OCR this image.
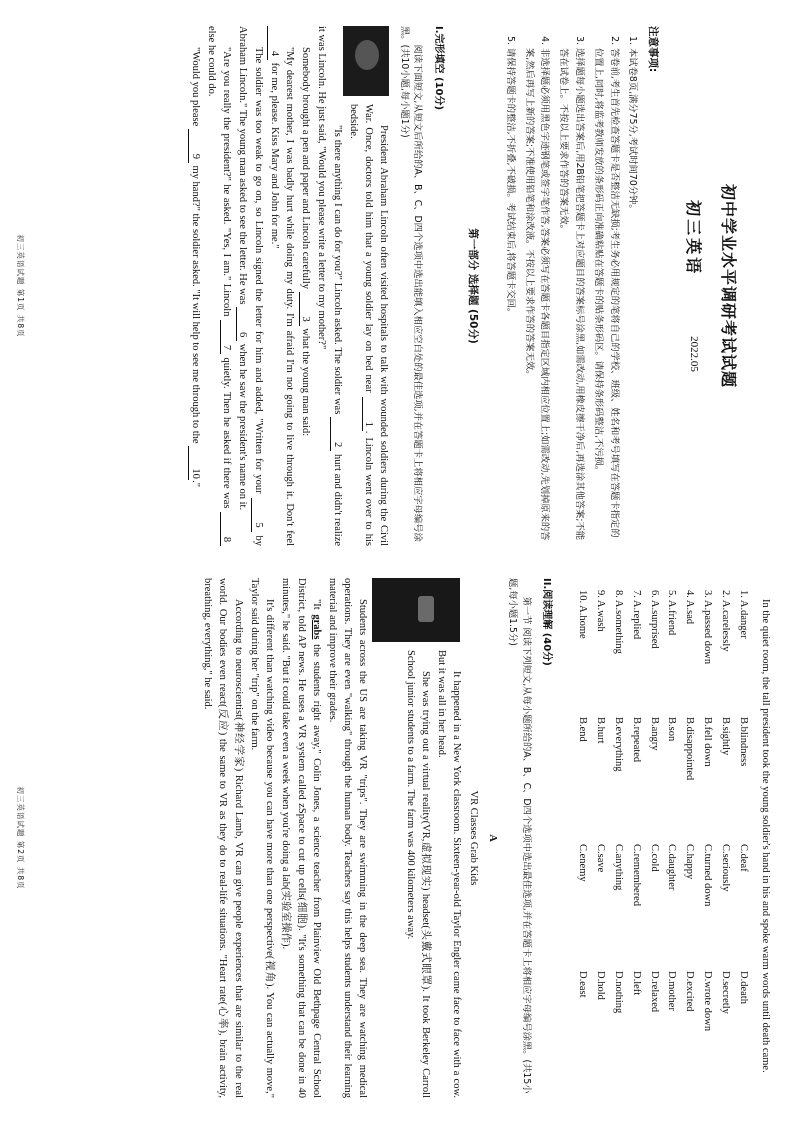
初中学业水平调研考试试题
初三英语
2022.05
注意事项:
1. 本试卷8页,满分75分,考试时间70分钟。
2. 答卷前,考生首先检查答题卡是否整洁无缺损;考生务必用规定的笔将自己的学校、班级、姓名和考号填写在答题卡指定的位置上,同时,将监考教师发放的条形码正向准确粘贴在答题卡的贴条形码区。请保持条形码整洁,不污损。
3. 选择题每小题选出答案后,用2B铅笔把答题卡上对应题目的答案标号涂黑,如需改动,用橡皮擦干净后,再选涂其他答案;不能答在试卷上。不按以上要求作答的答案无效。
4. 非选择题必须用黑色字迹钢笔或签字笔作答,答案必须写在答题卡各题目指定区域内相应位置上;如需改动,先划掉原来的答案,然后再写上新的答案;不准使用铅笔和涂改液。不按以上要求作答的答案无效。
5. 请保持答题卡的整洁,不折叠,不破损。考试结束后,将答题卡交回。
第一部分 选择题 (50分)
I.完形填空 (10分)
阅读下面短文,从短文后所给的A、B、C、D四个选项中选出能填入相应空白处的最佳选项,并在答题卡上将相应字母编号涂黑。(共10小题,每小题1分)

President Abraham Lincoln often visited hospitals to talk with wounded soldiers during the Civil War. Once, doctors told him that a young soldier lay on bed near 1. Lincoln went over to his bedside.

"Is there anything I can do for you?" Lincoln asked. The soldier was 2 hurt and didn't realize it was Lincoln. He just said, "Would you please write a letter to my mother?"

Somebody brought a pen and paper and Lincoln carefully 3 what the young man said:

"My dearest mother, I was badly hurt while doing my duty. I'm afraid I'm not going to live through it. Don't feel 4 for me, please. Kiss Mary and John for me."

The soldier was too weak to go on, so Lincoln signed the letter for him and added, "Written for your 5 by Abraham Lincoln." The young man asked to see the letter. He was 6 when he saw the president's name on it.

"Are you really the president?" he asked. "Yes, I am." Lincoln 7 quietly. Then he asked if there was 8 else he could do.

"Would you please 9 my hand?" the soldier asked. "It will help to see me through to the 10."

初三英语试题 第1页 共8页

In the quiet room, the tall president took the young soldier's hand in his and spoke warm words until death came.

1. A.danger
B.blindness
C.deaf
D.death
2. A.carelessly
B.sightly
C.seriously
D.secretly
3. A.passed down
B.fell down
C.turned down
D.wrote down
4. A.sad
B.disappointed
C.happy
D.excited
5. A.friend
B.son
C.daughter
D.mother
6. A.surprised
B.angry
C.cold
D.relaxed
7. A.replied
B.repeated
C.remembered
D.left
8. A.something
B.everything
C.anything
D.nothing
9. A.wash
B.hurt
C.save
D.hold
10. A.home
B.end
C.enemy
D.east
II.阅读理解 (40分)
第一节 阅读下列短文,从每小题所给的A、B、C、D四个选项中选出最佳选项,并在答题卡上将相应字母编号涂黑。(共15小题,每小题1.5分)
A
VR Classes Grab Kids

It happened in a New York classroom. Sixteen-year-old Taylor Engler came face to face with a cow. But it was all in her head.

She was trying out a virtual reality(VR,虚拟现实) headset(头戴式眼罩). It took Berkeley Carroll School junior students to a farm. The farm was 400 kilometers away.

Students across the US are taking VR "trips". They are swimming in the deep sea. They are watching medical operations. They are even "walking" through the human body. Teachers say this helps students understand their learning material and improve their grades.

"It grabs the students right away," Colin Jones, a science teacher from Plainview Old Bethpage Central School District, told AP news. He uses a VR system called zSpace to cut up cells(细胞). "It's something that can be done in 40 minutes," he said. "But it could take even a week when you're doing a lab(实验室操作).

It's different than watching video because you can have more than one perspective(视角). You can actually move," Taylor said during her "trip" on the farm.

According to neuroscientist(神经学家) Richard Lamb, VR can give people experiences that are similar to the real world. Our bodies even react(反应) the same to VR as they do to real-life situations. "Heart rate(心率), brain activity, breathing, everything," he said.

初三英语试题 第2页 共8页
